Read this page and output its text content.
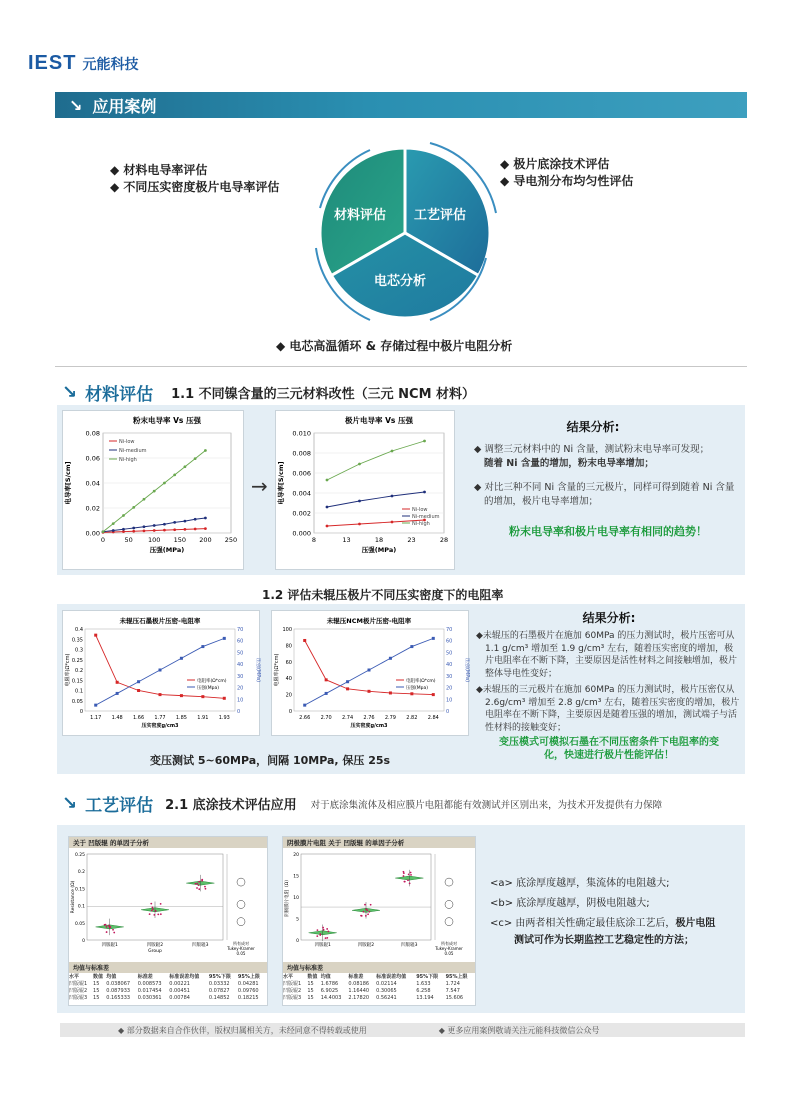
IEST 元能科技
↘ 应用案例
◆ 材料电导率评估
◆ 不同压实密度极片电导率评估
◆ 极片底涂技术评估
◆ 导电剂分布均匀性评估
◆ 电芯高温循环 & 存储过程中极片电阻分析
材料评估 工艺评估
电芯分析
↘ 材料评估 1.1 不同镍含量的三元材料改性（三元 NCM 材料）
粉末电导率 Vs 压强
0.00
0.02
0.04
0.06
0.08
0	50 100 150 200 250
压强(MPa)
电导率[S/cm]
Ni-low
Ni-medium
Ni-high
→
极片电导率 Vs 压强
0.000
0.002
0.004
0.006
0.008
0.010
8	13	18	23	28
压强(MPa)
电导率[S/cm]
Ni-low
Ni-medium
Ni-high
结果分析:
◆ 调整三元材料中的 Ni 含量，测试粉末电导率可发现；
随着 Ni 含量的增加，粉末电导率增加；
◆ 对比三种不同 Ni 含量的三元极片，同样可得到随着 Ni 含量的增加，极片电导率增加；
粉末电导率和极片电导率有相同的趋势！
1.2 评估未辊压极片不同压实密度下的电阻率
未辊压石墨极片压密-电阻率
0
0.05
0.1
0.15
0.2
0.25
0.3
0.35
0.4
0
10
20
30
40
50
60
70
1.17 1.48 1.66 1.77 1.85 1.91 1.93
压实密度g/cm3
电阻率(Ω*cm)	压强(MPa)
电阻率(Ω*cm)
压强(Mpa)
未辊压NCM极片压密-电阻率
0
20
40
60
80
100
0
10
20
30
40
50
60
70
2.66 2.70 2.74 2.76 2.79 2.82 2.84
压实密度g/cm3
电阻率(Ω*cm)	压强(MPa)
电阻率(Ω*cm)
压强(Mpa)
变压测试 5~60MPa，间隔 10MPa, 保压 25s
结果分析:
◆未辊压的石墨极片在施加 60MPa 的压力测试时，极片压密可从 1.1 g/cm³ 增加至 1.9 g/cm³ 左右，随着压实密度的增加，极片电阻率在不断下降，主要原因是活性材料之间接触增加，极片整体导电性变好；
◆未辊压的三元极片在施加 60MPa 的压力测试时，极片压密仅从 2.6g/cm³ 增加至 2.8 g/cm³ 左右，随着压实密度的增加，极片电阻率在不断下降，主要原因是随着压强的增加，测试端子与活性材料的接触变好；
变压模式可模拟石墨在不同压密条件下电阻率的变化，快速进行极片性能评估！
↘ 工艺评估 2.1 底涂技术评估应用 对于底涂集流体及相应膜片电阻都能有效测试并区别出来，为技术开发提供有力保障
关于 凹版辊 的单因子分析
0
0.05
0.1
0.15
0.2
0.25
凹版辊1	凹版辊2	凹版辊3	所有成对
Tukey-Kramer
0.05
Resistance (Ω)
Group
均值与标准差
水平	数值	均值	标准差	标准误差均值	95%下限	95%上限
凹版辊1	15	0.038067	0.008573	0.00221	0.03332	0.04281
凹版辊2	15	0.087933	0.017454	0.00451	0.07827	0.09760
凹版辊3	15	0.165333	0.030361	0.00784	0.14852	0.18215
阴极膜片电阻 关于 凹版辊 的单因子分析
0
5
10
15
20
凹版辊1	凹版辊2	凹版辊3	所有成对
Tukey-Kramer
0.05
阴极膜片电阻（Ω）
均值与标准差
水平	数值	均值	标准差	标准误差均值	95%下限	95%上限
凹版辊1	15	1.6786	0.08186	0.02114	1.633	1.724
凹版辊2	15	6.9025	1.16440	0.30065	6.258	7.547
凹版辊3	15	14.4003	2.17820	0.56241	13.194	15.606
<a> 底涂厚度越厚，集流体的电阻越大;
<b> 底涂厚度越厚，阴极电阻越大;
<c> 由两者相关性确定最佳底涂工艺后，极片电阻
测试可作为长期监控工艺稳定性的方法；
◆ 部分数据来自合作伙伴，版权归属相关方，未经同意不得转载或使用	◆ 更多应用案例敬请关注元能科技微信公众号
